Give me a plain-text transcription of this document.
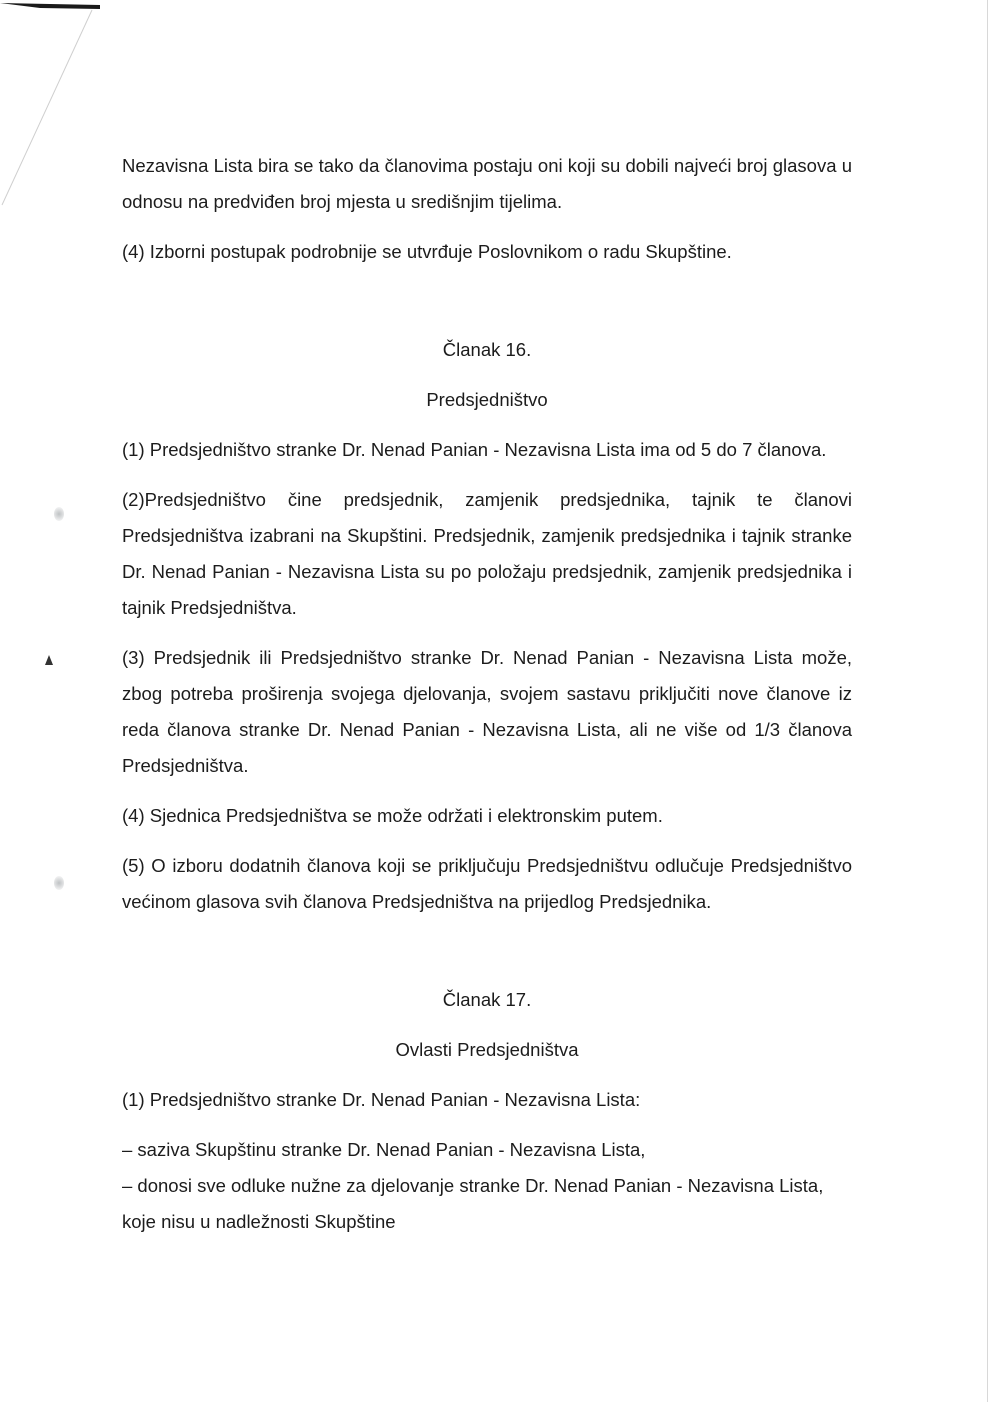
Nezavisna Lista bira se tako da članovima postaju oni koji su dobili najveći broj glasova u odnosu na predviđen broj mjesta u središnjim tijelima.

(4) Izborni postupak podrobnije se utvrđuje Poslovnikom o radu Skupštine.

Članak 16.

Predsjedništvo

(1) Predsjedništvo stranke Dr. Nenad Panian - Nezavisna Lista ima od 5 do 7 članova.

(2)Predsjedništvo čine predsjednik, zamjenik predsjednika, tajnik te članovi Predsjedništva izabrani na Skupštini. Predsjednik, zamjenik predsjednika i tajnik stranke Dr. Nenad Panian - Nezavisna Lista su po položaju predsjednik, zamjenik predsjednika i tajnik Predsjedništva.

(3) Predsjednik ili Predsjedništvo stranke Dr. Nenad Panian - Nezavisna Lista može, zbog potreba proširenja svojega djelovanja, svojem sastavu priključiti nove članove iz reda članova stranke Dr. Nenad Panian - Nezavisna Lista, ali ne više od 1/3 članova Predsjedništva.

(4) Sjednica Predsjedništva se može održati i elektronskim putem.

(5) O izboru dodatnih članova koji se priključuju Predsjedništvu odlučuje Predsjedništvo većinom glasova svih članova Predsjedništva na prijedlog Predsjednika.

Članak 17.

Ovlasti Predsjedništva

(1) Predsjedništvo stranke Dr. Nenad Panian - Nezavisna Lista:

– saziva Skupštinu stranke Dr. Nenad Panian - Nezavisna Lista,

– donosi sve odluke nužne za djelovanje stranke Dr. Nenad Panian - Nezavisna Lista, koje nisu u nadležnosti Skupštine
